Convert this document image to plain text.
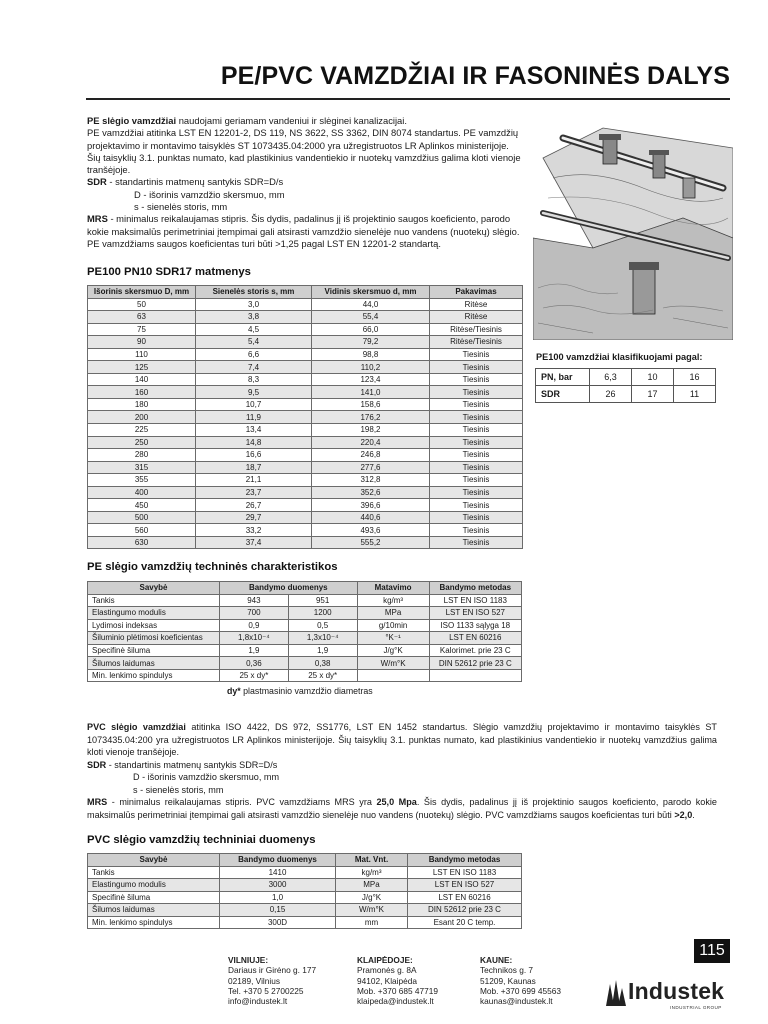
PE/PVC VAMZDŽIAI IR FASONINĖS DALYS

PE slėgio vamzdžiai naudojami geriamam vandeniui ir slėginei kanalizacijai.

PE vamzdžiai atitinka LST EN 12201-2, DS 119, NS 3622, SS 3362, DIN 8074 standartus. PE vamzdžių projektavimo ir montavimo taisyklės ST 1073435.04:2000 yra užregistruotos LR Aplinkos ministerijoje. Šių taisyklių 3.1. punktas numato, kad plastikinius vandentiekio ir nuotekų vamzdžius galima kloti vienoje tranšėjoje.

SDR - standartinis matmenų santykis SDR=D/s

D - išorinis vamzdžio skersmuo, mm

s - sienelės storis, mm

MRS - minimalus reikalaujamas stipris. Šis dydis, padalinus jį iš projektinio saugos koeficiento, parodo kokie maksimalūs perimetriniai įtempimai gali atsirasti vamzdžio sienelėje nuo vandens (nuotekų) slėgio. PE vamzdžiams saugos koeficientas turi būti >1,25 pagal LST EN 12201-2 standartą.

PE100 PN10 SDR17 matmenys
Išorinis skersmuo D, mm	Sienelės storis s, mm	Vidinis skersmuo d, mm	Pakavimas
50	3,0	44,0	Ritėse
63	3,8	55,4	Ritėse
75	4,5	66,0	Ritėse/Tiesinis
90	5,4	79,2	Ritėse/Tiesinis
110	6,6	98,8	Tiesinis
125	7,4	110,2	Tiesinis
140	8,3	123,4	Tiesinis
160	9,5	141,0	Tiesinis
180	10,7	158,6	Tiesinis
200	11,9	176,2	Tiesinis
225	13,4	198,2	Tiesinis
250	14,8	220,4	Tiesinis
280	16,6	246,8	Tiesinis
315	18,7	277,6	Tiesinis
355	21,1	312,8	Tiesinis
400	23,7	352,6	Tiesinis
450	26,7	396,6	Tiesinis
500	29,7	440,6	Tiesinis
560	33,2	493,6	Tiesinis
630	37,4	555,2	Tiesinis
PE100 vamzdžiai klasifikuojami pagal:
PN, bar	6,3	10	16
SDR	26	17	11
PE slėgio vamzdžių techninės charakteristikos
Savybė	Bandymo duomenys		Matavimo	Bandymo metodas
Tankis	943	951	kg/m³	LST EN ISO 1183
Elastingumo modulis	700	1200	MPa	LST EN ISO 527
Lydimosi indeksas	0,9	0,5	g/10min	ISO 1133 sąlyga 18
Šiluminio plėtimosi koeficientas	1,8x10⁻⁴	1,3x10⁻⁴	°K⁻¹	LST EN 60216
Specifinė šiluma	1,9	1,9	J/g°K	Kalorimet. prie 23 C
Šilumos laidumas	0,36	0,38	W/m°K	DIN 52612 prie 23 C
Min. lenkimo spindulys	25 x dy*	25 x dy*		
dy* plastmasinio vamzdžio diametras

PVC slėgio vamzdžiai atitinka ISO 4422, DS 972, SS1776, LST EN 1452 standartus. Slėgio vamzdžių projektavimo ir montavimo taisyklės ST 1073435.04:200 yra užregistruotos LR Aplinkos ministerijoje. Šių taisyklių 3.1. punktas numato, kad plastikinius vandentiekio ir nuotekų vamzdžius galima kloti vienoje tranšėjoje.

SDR - standartinis matmenų santykis SDR=D/s

D - išorinis vamzdžio skersmuo, mm

s - sienelės storis, mm

MRS - minimalus reikalaujamas stipris. PVC vamzdžiams MRS yra 25,0 Mpa. Šis dydis, padalinus jį iš projektinio saugos koeficiento, parodo kokie maksimalūs perimetriniai įtempimai gali atsirasti vamzdžio sienelėje nuo vandens (nuotekų) slėgio. PVC vamzdžiams saugos koeficientas turi būti >2,0.

PVC slėgio vamzdžių techniniai duomenys
Savybė	Bandymo duomenys	Mat. Vnt.	Bandymo metodas
Tankis	1410	kg/m³	LST EN ISO 1183
Elastingumo modulis	3000	MPa	LST EN ISO 527
Specifinė šiluma	1,0	J/g°K	LST EN 60216
Šilumos laidumas	0,15	W/m°K	DIN 52612 prie 23 C
Min. lenkimo spindulys	300D	mm	Esant 20 C temp.
115
VILNIUJE:
Dariaus ir Girėno g. 177
02189, Vilnius
Tel. +370 5 2700225
info@industek.lt
KLAIPĖDOJE:
Pramonės g. 8A
94102, Klaipėda
Mob. +370 685 47719
klaipeda@industek.lt
KAUNE:
Technikos g. 7
51209, Kaunas
Mob. +370 699 45563
kaunas@industek.lt	Industek
INDUSTRIAL GROUP
